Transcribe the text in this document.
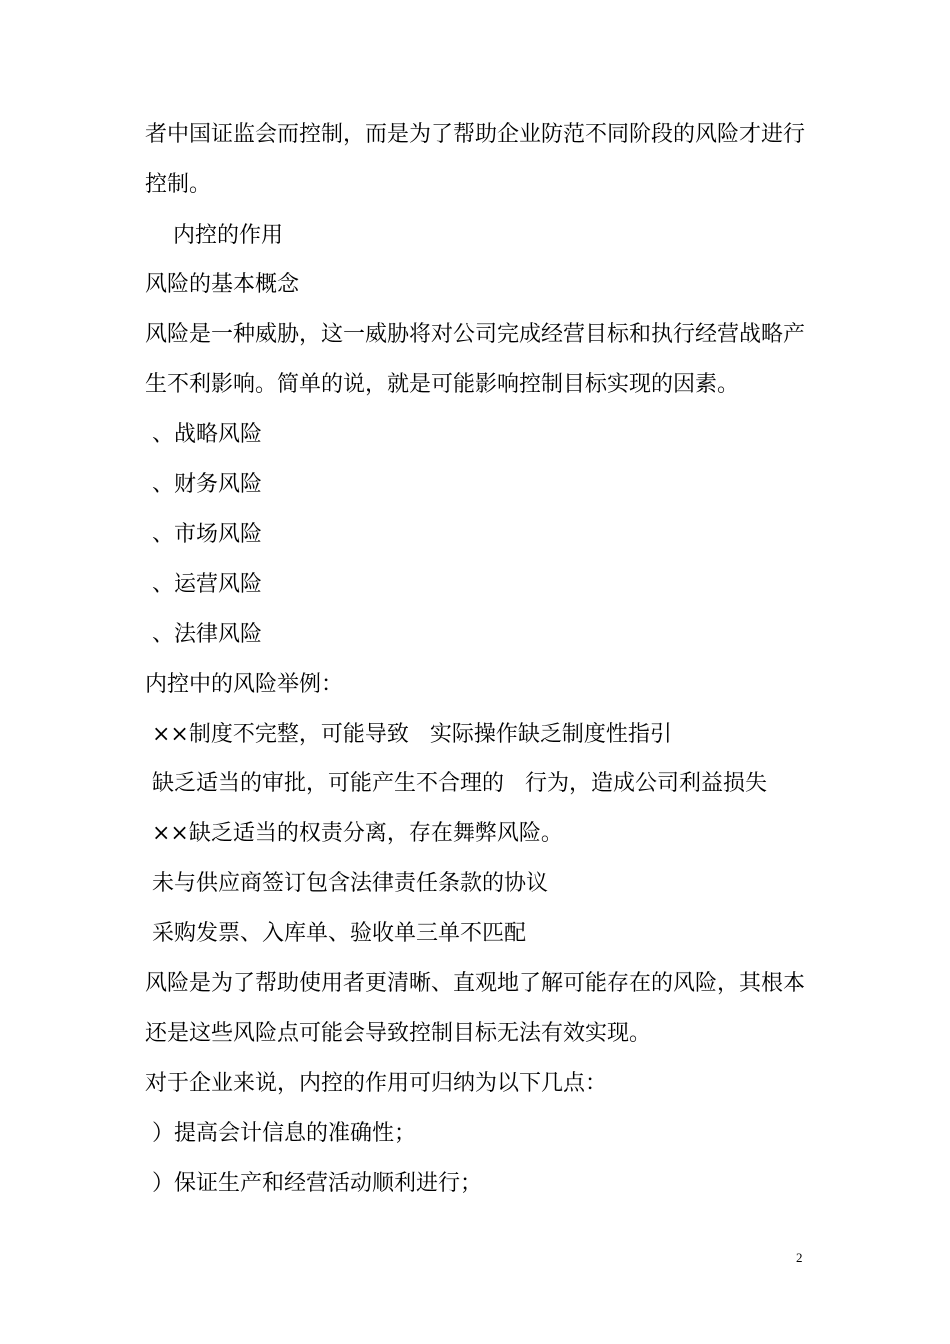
者中国证监会而控制，而是为了帮助企业防范不同阶段的风险才进行
控制。
内控的作用
风险的基本概念
风险是一种威胁，这一威胁将对公司完成经营目标和执行经营战略产
生不利影响。简单的说，就是可能影响控制目标实现的因素。
、战略风险
、财务风险
、市场风险
、运营风险
、法律风险
内控中的风险举例：
××制度不完整，可能导致   实际操作缺乏制度性指引
缺乏适当的审批，可能产生不合理的   行为，造成公司利益损失
××缺乏适当的权责分离，存在舞弊风险。
未与供应商签订包含法律责任条款的协议
采购发票、入库单、验收单三单不匹配
风险是为了帮助使用者更清晰、直观地了解可能存在的风险，其根本
还是这些风险点可能会导致控制目标无法有效实现。
对于企业来说，内控的作用可归纳为以下几点：
）提高会计信息的准确性；
）保证生产和经营活动顺利进行；
2
